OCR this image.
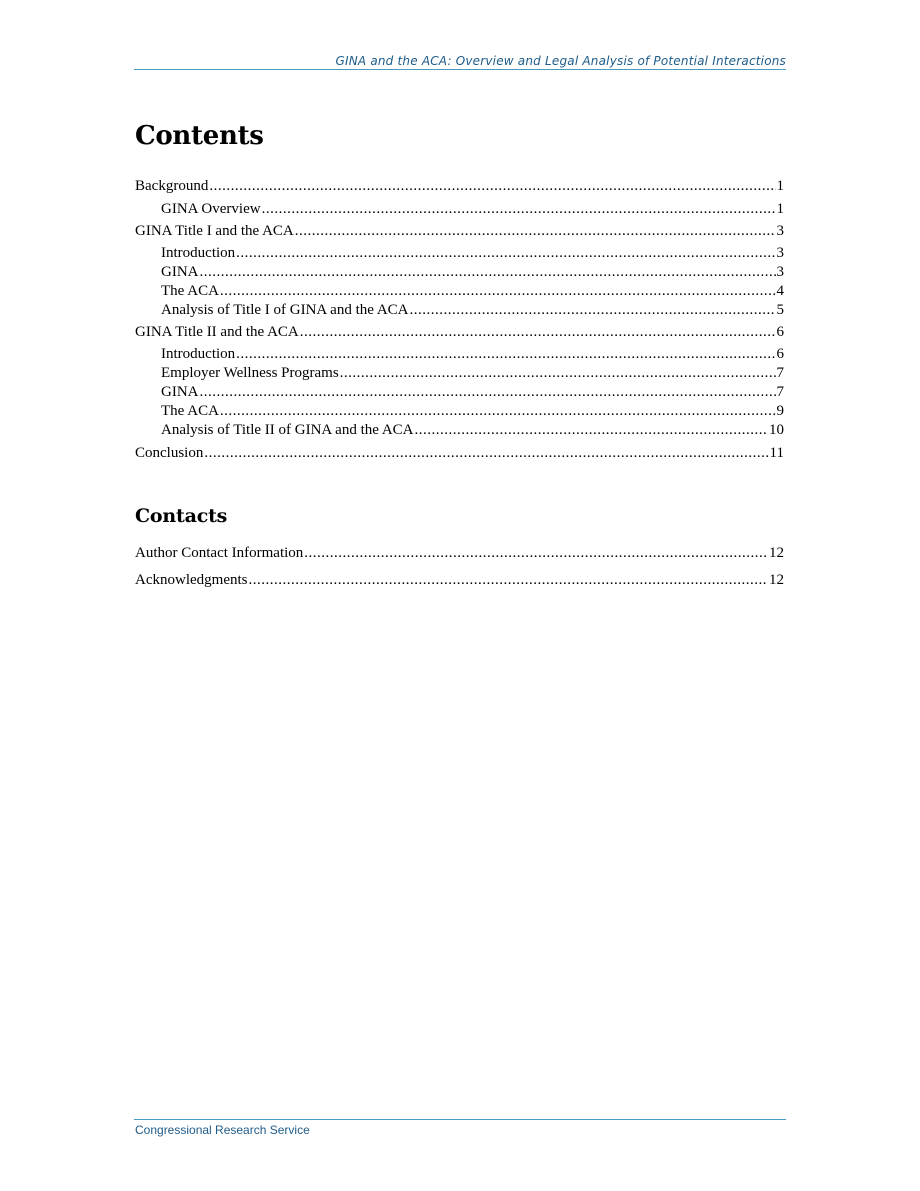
GINA and the ACA: Overview and Legal Analysis of Potential Interactions
Contents
Background .....	1
GINA Overview .....	1
GINA Title I and the ACA .....	3
Introduction .....	3
GINA .....	3
The ACA .....	4
Analysis of Title I of GINA and the ACA .....	5
GINA Title II and the ACA .....	6
Introduction .....	6
Employer Wellness Programs .....	7
GINA .....	7
The ACA .....	9
Analysis of Title II of GINA and the ACA .....	10
Conclusion .....	11
Contacts
Author Contact Information .....	12
Acknowledgments .....	12
Congressional Research Service
